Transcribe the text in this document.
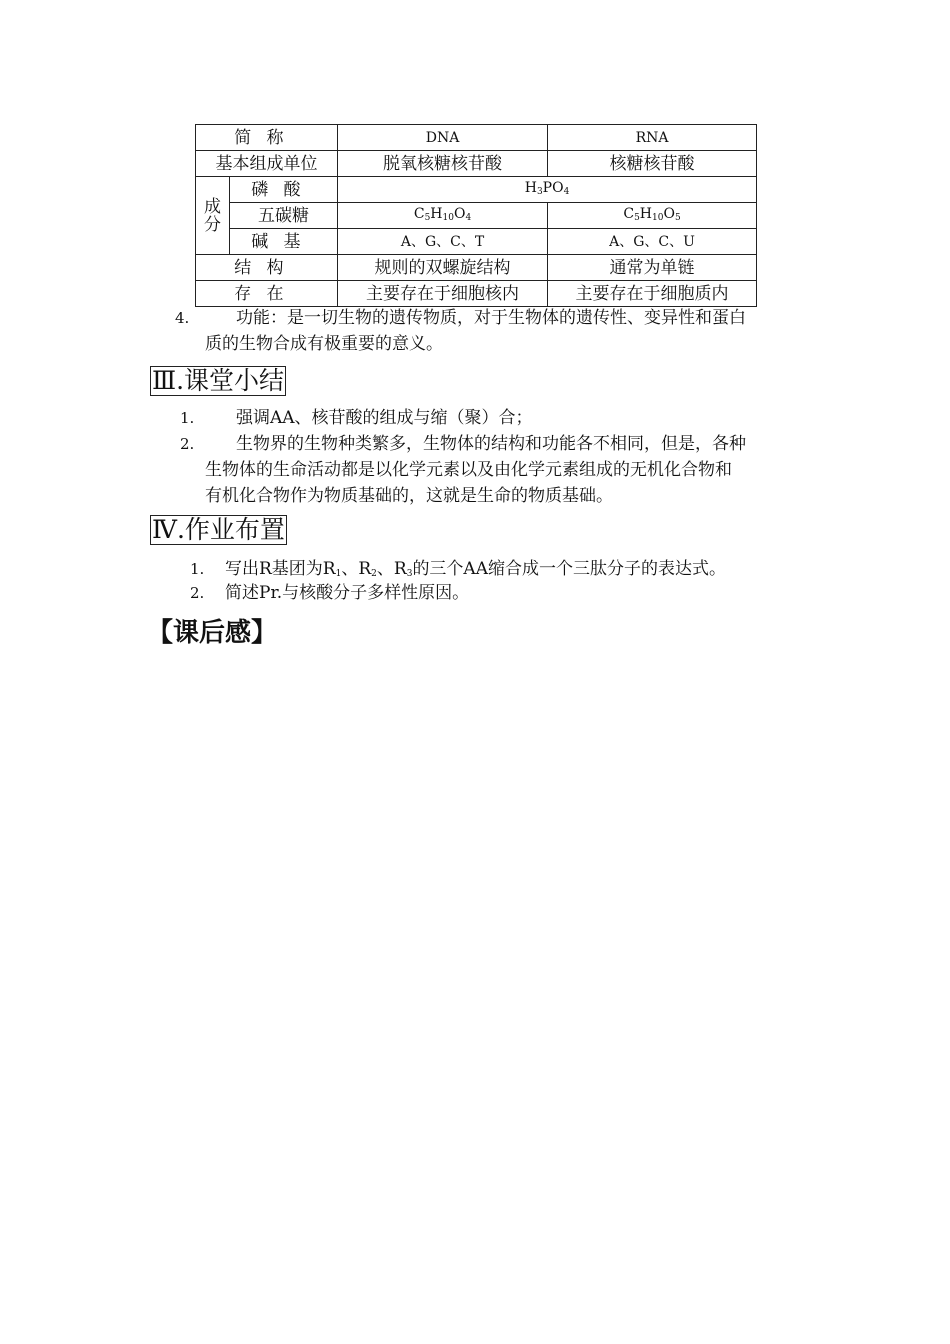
简称		DNA	RNA
基本组成单位		脱氧核糖核苷酸	核糖核苷酸
成
分	磷酸	$H_3PO_4$
	五碳糖	$C_5H_{10}O_4$	$C_5H_{10}O_5$
	碱基	A、G、C、T	A、G、C、U
结构		规则的双螺旋结构	通常为单链
存在		主要存在于细胞核内	主要存在于细胞质内
4.	功能：是一切生物的遗传物质，对于生物体的遗传性、变异性和蛋白
质的生物合成有极重要的意义。
Ⅲ.课堂小结
1. 强调AA、核苷酸的组成与缩（聚）合；
2. 生物界的生物种类繁多，生物体的结构和功能各不相同，但是，各种
生物体的生命活动都是以化学元素以及由化学元素组成的无机化合物和
有机化合物作为物质基础的，这就是生命的物质基础。
Ⅳ.作业布置
1. 写出R基团为$R_1$、$R_2$、$R_3$的三个AA缩合成一个三肽分子的表达式。
2. 简述Pr.与核酸分子多样性原因。
【课后感】
